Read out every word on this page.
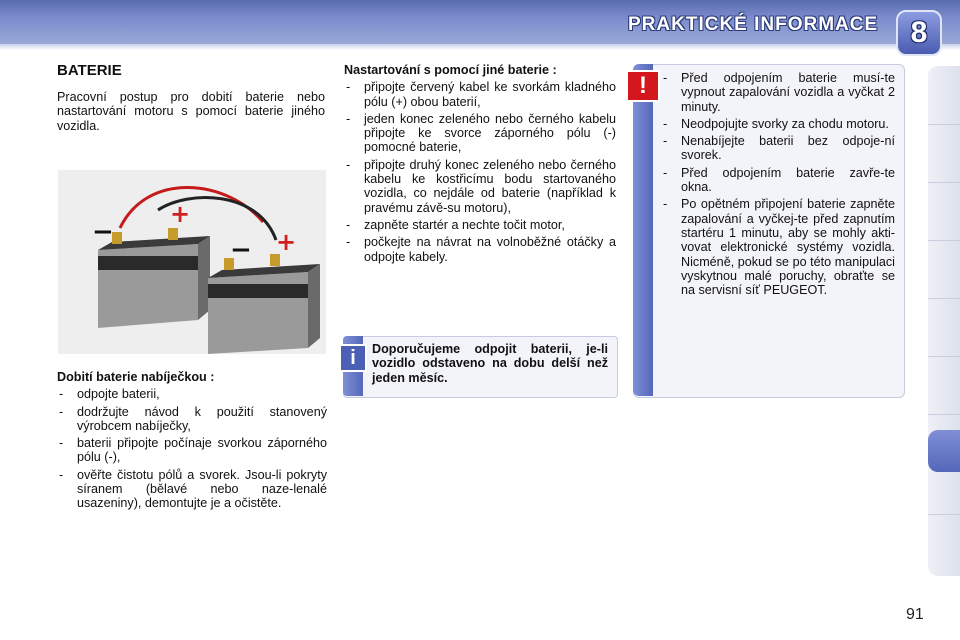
PRAKTICKÉ INFORMACE 8
BATERIE
Pracovní postup pro dobití baterie nebo nastartování motoru s pomocí baterie jiného vozidla.
−
+
− +
Dobití baterie nabíječkou :
- odpojte baterii,
- dodržujte návod k použití stanovený výrobcem nabíječky,
- baterii připojte počínaje svorkou záporného pólu (-),
- ověřte čistotu pólů a svorek. Jsou-li pokryty síranem (bělavé nebo naze-lenalé usazeniny), demontujte je a očistěte.
Nastartování s pomocí jiné baterie :
- připojte červený kabel ke svorkám kladného pólu (+) obou baterií,
- jeden konec zeleného nebo černého kabelu připojte ke svorce záporného pólu (-) pomocné baterie,
- připojte druhý konec zeleného nebo černého kabelu ke kostřicímu bodu startovaného vozidla, co nejdále od baterie (například k pravému závě-su motoru),
- zapněte startér a nechte točit motor,
- počkejte na návrat na volnoběžné otáčky a odpojte kabely.
i	Doporučujeme odpojit baterii, je-li vozidlo odstaveno na dobu delší než jeden měsíc.
!
-	Před odpojením baterie musí-te vypnout zapalování vozidla a vyčkat 2 minuty.
- Neodpojujte svorky za chodu motoru.
- Nenabíjejte baterii bez odpoje-ní svorek.
- Před odpojením baterie zavře-te okna.
- Po opětném připojení baterie zapněte zapalování a vyčkej-te před zapnutím startéru 1 minutu, aby se mohly akti-vovat elektronické systémy vozidla. Nicméně, pokud se po této manipulaci vyskytnou malé poruchy, obraťte se na servisní síť PEUGEOT.
91
